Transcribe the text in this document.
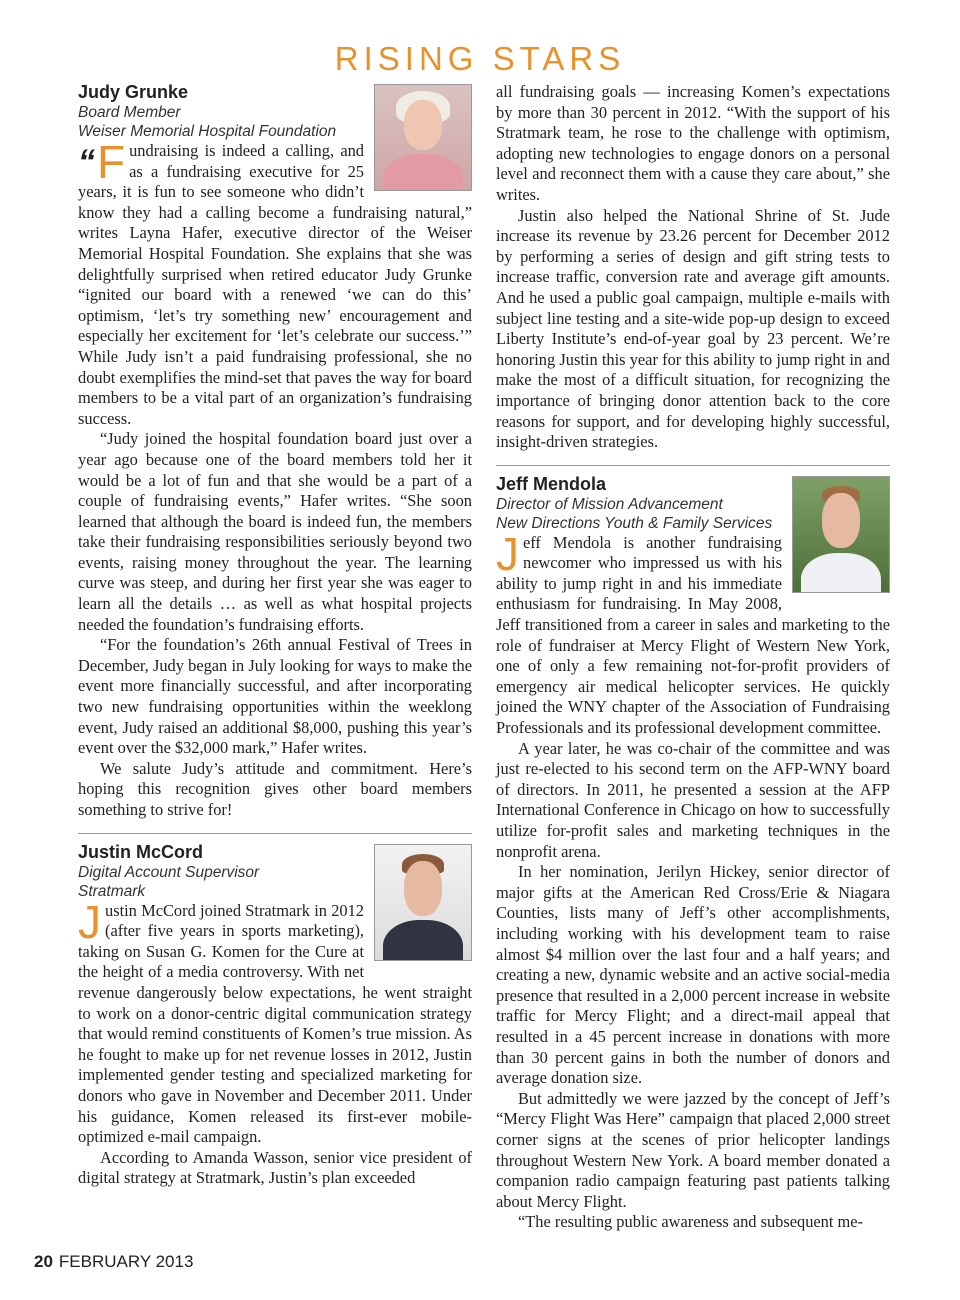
RISING STARS
Judy Grunke
Board Member
Weiser Memorial Hospital Foundation

“ F undraising is indeed a calling, and as a fundraising executive for 25 years, it is fun to see someone who didn’t know they had a calling become a fundraising natural,” writes Layna Hafer, executive director of the Weiser Memorial Hospital Foundation. She explains that she was delightfully surprised when retired educator Judy Grunke “ignited our board with a renewed ‘we can do this’ optimism, ‘let’s try something new’ encouragement and especially her excitement for ‘let’s celebrate our success.’” While Judy isn’t a paid fundraising professional, she no doubt exemplifies the mind-set that paves the way for board members to be a vital part of an organization’s fundraising success.

“Judy joined the hospital foundation board just over a year ago because one of the board members told her it would be a lot of fun and that she would be a part of a couple of fundraising events,” Hafer writes. “She soon learned that although the board is indeed fun, the members take their fundraising responsibilities seriously beyond two events, raising money throughout the year. The learning curve was steep, and during her first year she was eager to learn all the details … as well as what hospital projects needed the foundation’s fundraising efforts.

“For the foundation’s 26th annual Festival of Trees in December, Judy began in July looking for ways to make the event more financially successful, and after incorporating two new fundraising opportunities within the weeklong event, Judy raised an additional $8,000, pushing this year’s event over the $32,000 mark,” Hafer writes.

We salute Judy’s attitude and commitment. Here’s hoping this recognition gives other board members something to strive for!

Justin McCord
Digital Account Supervisor
Stratmark

Justin McCord joined Stratmark in 2012 (after five years in sports marketing), taking on Susan G. Komen for the Cure at the height of a media controversy. With net revenue dangerously below expectations, he went straight to work on a donor-centric digital communication strategy that would remind constituents of Komen’s true mission. As he fought to make up for net revenue losses in 2012, Justin implemented gender testing and specialized marketing for donors who gave in November and December 2011. Under his guidance, Komen released its first-ever mobile-optimized e-mail campaign.

According to Amanda Wasson, senior vice president of digital strategy at Stratmark, Justin’s plan exceeded

all fundraising goals — increasing Komen’s expectations by more than 30 percent in 2012. “With the support of his Stratmark team, he rose to the challenge with optimism, adopting new technologies to engage donors on a personal level and reconnect them with a cause they care about,” she writes.

Justin also helped the National Shrine of St. Jude increase its revenue by 23.26 percent for December 2012 by performing a series of design and gift string tests to increase traffic, conversion rate and average gift amounts. And he used a public goal campaign, multiple e-mails with subject line testing and a site-wide pop-up design to exceed Liberty Institute’s end-of-year goal by 23 percent. We’re honoring Justin this year for this ability to jump right in and make the most of a difficult situation, for recognizing the importance of bringing donor attention back to the core reasons for support, and for developing highly successful, insight-driven strategies.

Jeff Mendola
Director of Mission Advancement
New Directions Youth & Family Services

Jeff Mendola is another fundraising newcomer who impressed us with his ability to jump right in and his immediate enthusiasm for fundraising. In May 2008, Jeff transitioned from a career in sales and marketing to the role of fundraiser at Mercy Flight of Western New York, one of only a few remaining not-for-profit providers of emergency air medical helicopter services. He quickly joined the WNY chapter of the Association of Fundraising Professionals and its professional development committee.

A year later, he was co-chair of the committee and was just re-elected to his second term on the AFP-WNY board of directors. In 2011, he presented a session at the AFP International Conference in Chicago on how to successfully utilize for-profit sales and marketing techniques in the nonprofit arena.

In her nomination, Jerilyn Hickey, senior director of major gifts at the American Red Cross/Erie & Niagara Counties, lists many of Jeff’s other accomplishments, including working with his development team to raise almost $4 million over the last four and a half years; and creating a new, dynamic website and an active social-media presence that resulted in a 2,000 percent increase in website traffic for Mercy Flight; and a direct-mail appeal that resulted in a 45 percent increase in donations with more than 30 percent gains in both the number of donors and average donation size.

But admittedly we were jazzed by the concept of Jeff’s “Mercy Flight Was Here” campaign that placed 2,000 street corner signs at the scenes of prior helicopter landings throughout Western New York. A board member donated a companion radio campaign featuring past patients talking about Mercy Flight.

“The resulting public awareness and subsequent me-

20 FEBRUARY 2013
